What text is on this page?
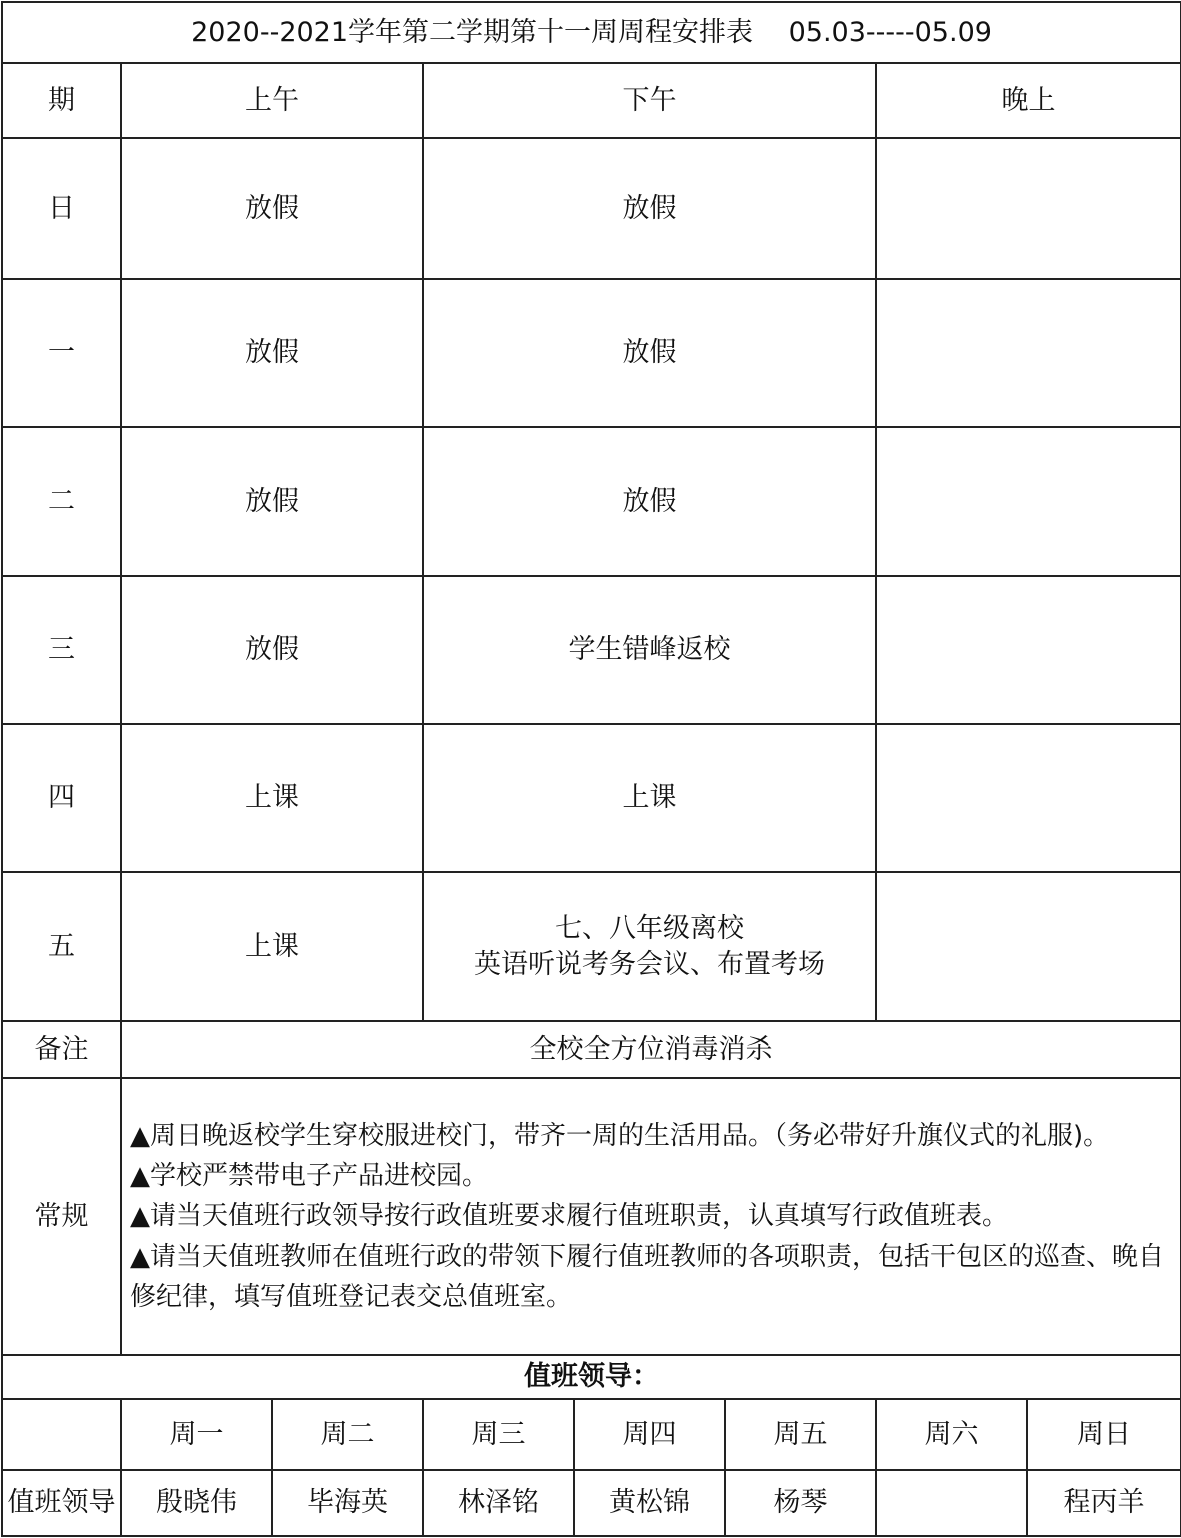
2020--2021学年第二学期第十一周周程安排表　 05.03-----05.09							
期	上午		下午			晚上	
日	放假		放假				
一	放假		放假				
二	放假		放假				
三	放假		学生错峰返校				
四	上课		上课				
五	上课		七、八年级离校
英语听说考务会议、布置考场				

备注	全校全方位消毒消杀						
常规	▲周日晚返校学生穿校服进校门，带齐一周的生活用品。（务必带好升旗仪式的礼服)。
▲学校严禁带电子产品进校园。
▲请当天值班行政领导按行政值班要求履行值班职责，认真填写行政值班表。
▲请当天值班教师在值班行政的带领下履行值班教师的各项职责，包括干包区的巡查、晚自修纪律，填写值班登记表交总值班室。						

值班领导：							
	周一	周二	周三	周四	周五	周六	周日
值班领导	殷晓伟	毕海英	林泽铭	黄松锦	杨琴		程丙羊
